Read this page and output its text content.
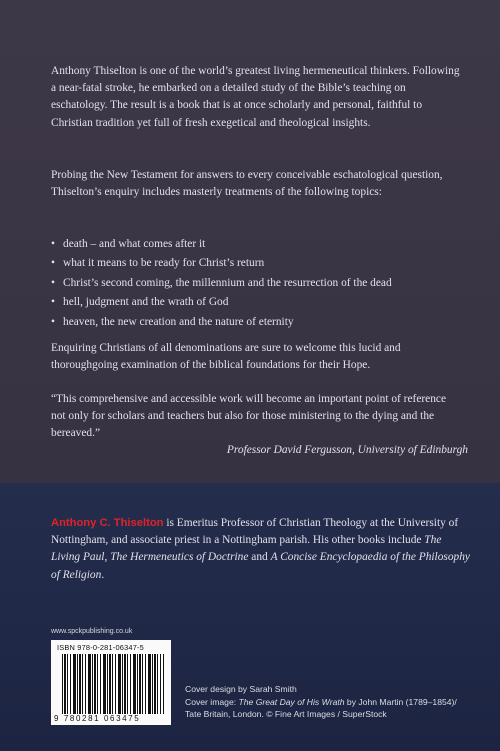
Anthony Thiselton is one of the world’s greatest living hermeneutical thinkers. Following a near-fatal stroke, he embarked on a detailed study of the Bible’s teaching on eschatology. The result is a book that is at once scholarly and personal, faithful to Christian tradition yet full of fresh exegetical and theological insights.

Probing the New Testament for answers to every conceivable eschatological question, Thiselton’s enquiry includes masterly treatments of the following topics:

• death – and what comes after it
• what it means to be ready for Christ’s return
• Christ’s second coming, the millennium and the resurrection of the dead
• hell, judgment and the wrath of God
• heaven, the new creation and the nature of eternity

Enquiring Christians of all denominations are sure to welcome this lucid and thoroughgoing examination of the biblical foundations for their Hope.

“This comprehensive and accessible work will become an important point of reference not only for scholars and teachers but also for those ministering to the dying and the bereaved.”

Professor David Fergusson, University of Edinburgh

Anthony C. Thiselton is Emeritus Professor of Christian Theology at the University of Nottingham, and associate priest in a Nottingham parish. His other books include The Living Paul, The Hermeneutics of Doctrine and A Concise Encyclopaedia of the Philosophy of Religion.

www.spckpublishing.co.uk
ISBN 978-0-281-06347-5
9 780281 063475
Cover design by Sarah Smith
Cover image: The Great Day of His Wrath by John Martin (1789–1854)/
Tate Britain, London. © Fine Art Images / SuperStock
